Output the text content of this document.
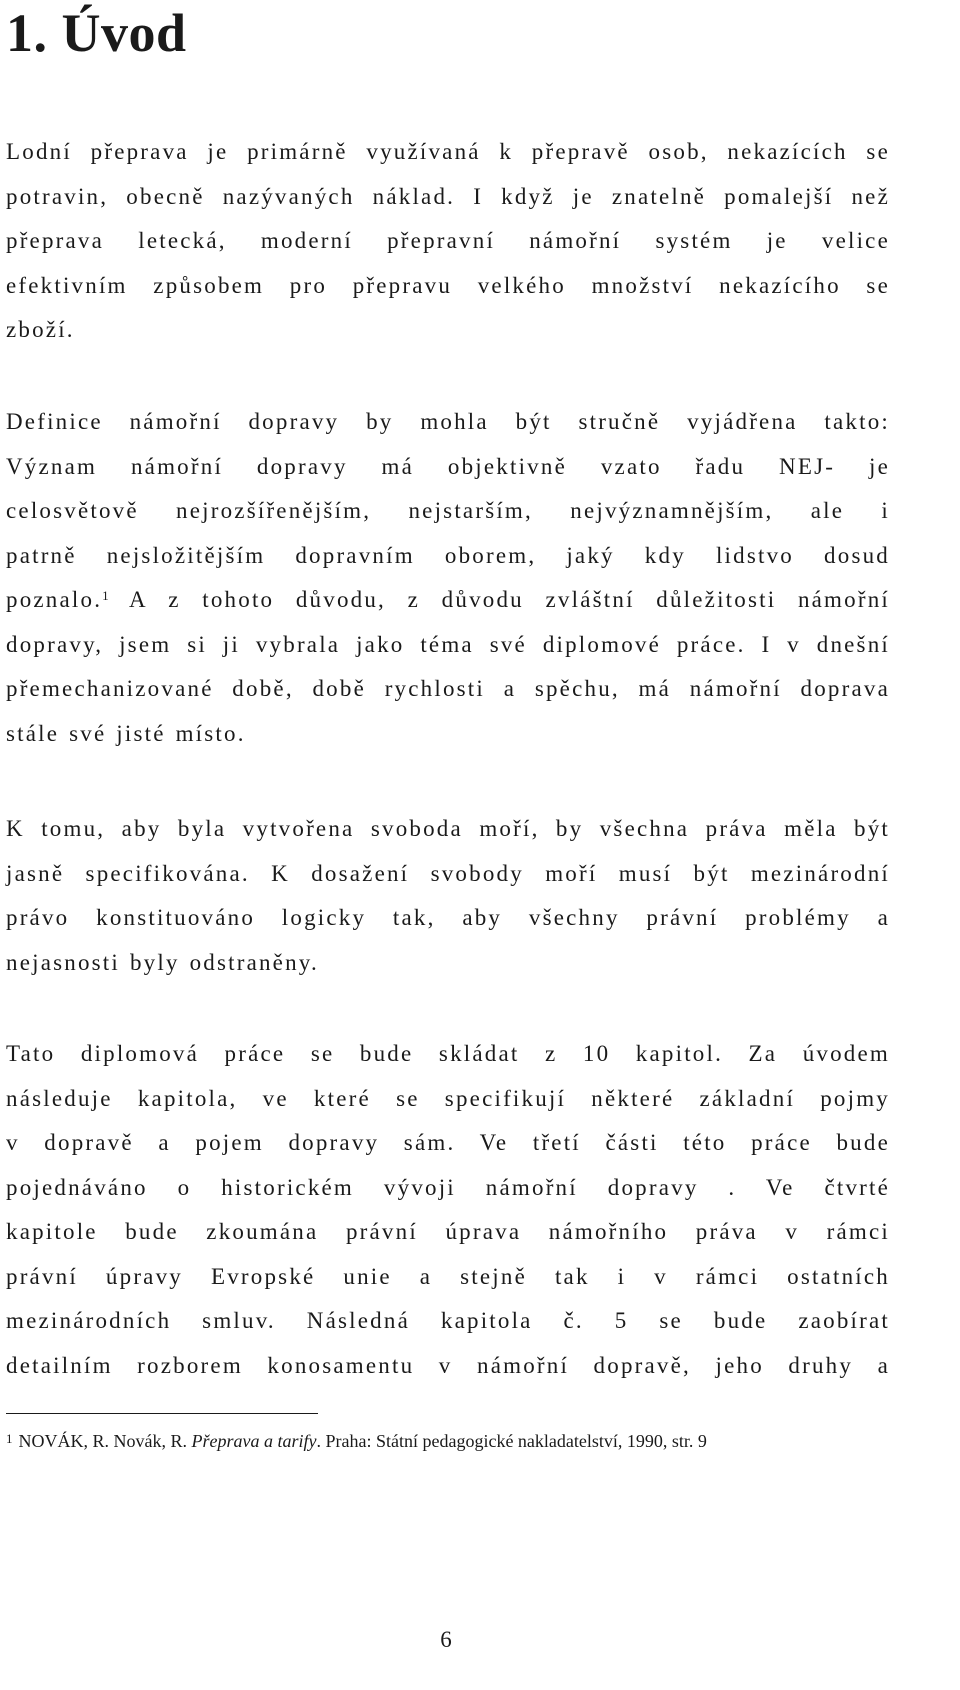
1. Úvod
Lodní přeprava je primárně využívaná k přepravě osob, nekazících se
potravin, obecně nazývaných náklad. I když je znatelně pomalejší než
přeprava letecká, moderní přepravní námořní systém je velice
efektivním způsobem pro přepravu velkého množství nekazícího se
zboží.
Definice námořní dopravy by mohla být stručně vyjádřena takto:
Význam námořní dopravy má objektivně vzato řadu NEJ- je
celosvětově nejrozšířenějším, nejstarším, nejvýznamnějším, ale i
patrně nejsložitějším dopravním oborem, jaký kdy lidstvo dosud
poznalo.$^1$ A z tohoto důvodu, z důvodu zvláštní důležitosti námořní
dopravy, jsem si ji vybrala jako téma své diplomové práce. I v dnešní
přemechanizované době, době rychlosti a spěchu, má námořní doprava
stále své jisté místo.
K tomu, aby byla vytvořena svoboda moří, by všechna práva měla být
jasně specifikována. K dosažení svobody moří musí být mezinárodní
právo konstituováno logicky tak, aby všechny právní problémy a
nejasnosti byly odstraněny.
Tato diplomová práce se bude skládat z 10 kapitol. Za úvodem
následuje kapitola, ve které se specifikují některé základní pojmy
v dopravě a pojem dopravy sám. Ve třetí části této práce bude
pojednáváno o historickém vývoji námořní dopravy . Ve čtvrté
kapitole bude zkoumána právní úprava námořního práva v rámci
právní úpravy Evropské unie a stejně tak i v rámci ostatních
mezinárodních smluv. Následná kapitola č. 5 se bude zaobírat
detailním rozborem konosamentu v námořní dopravě, jeho druhy a
$^1$ NOVÁK, R. Novák, R. Přeprava a tarify. Praha: Státní pedagogické nakladatelství, 1990, str. 9
6
